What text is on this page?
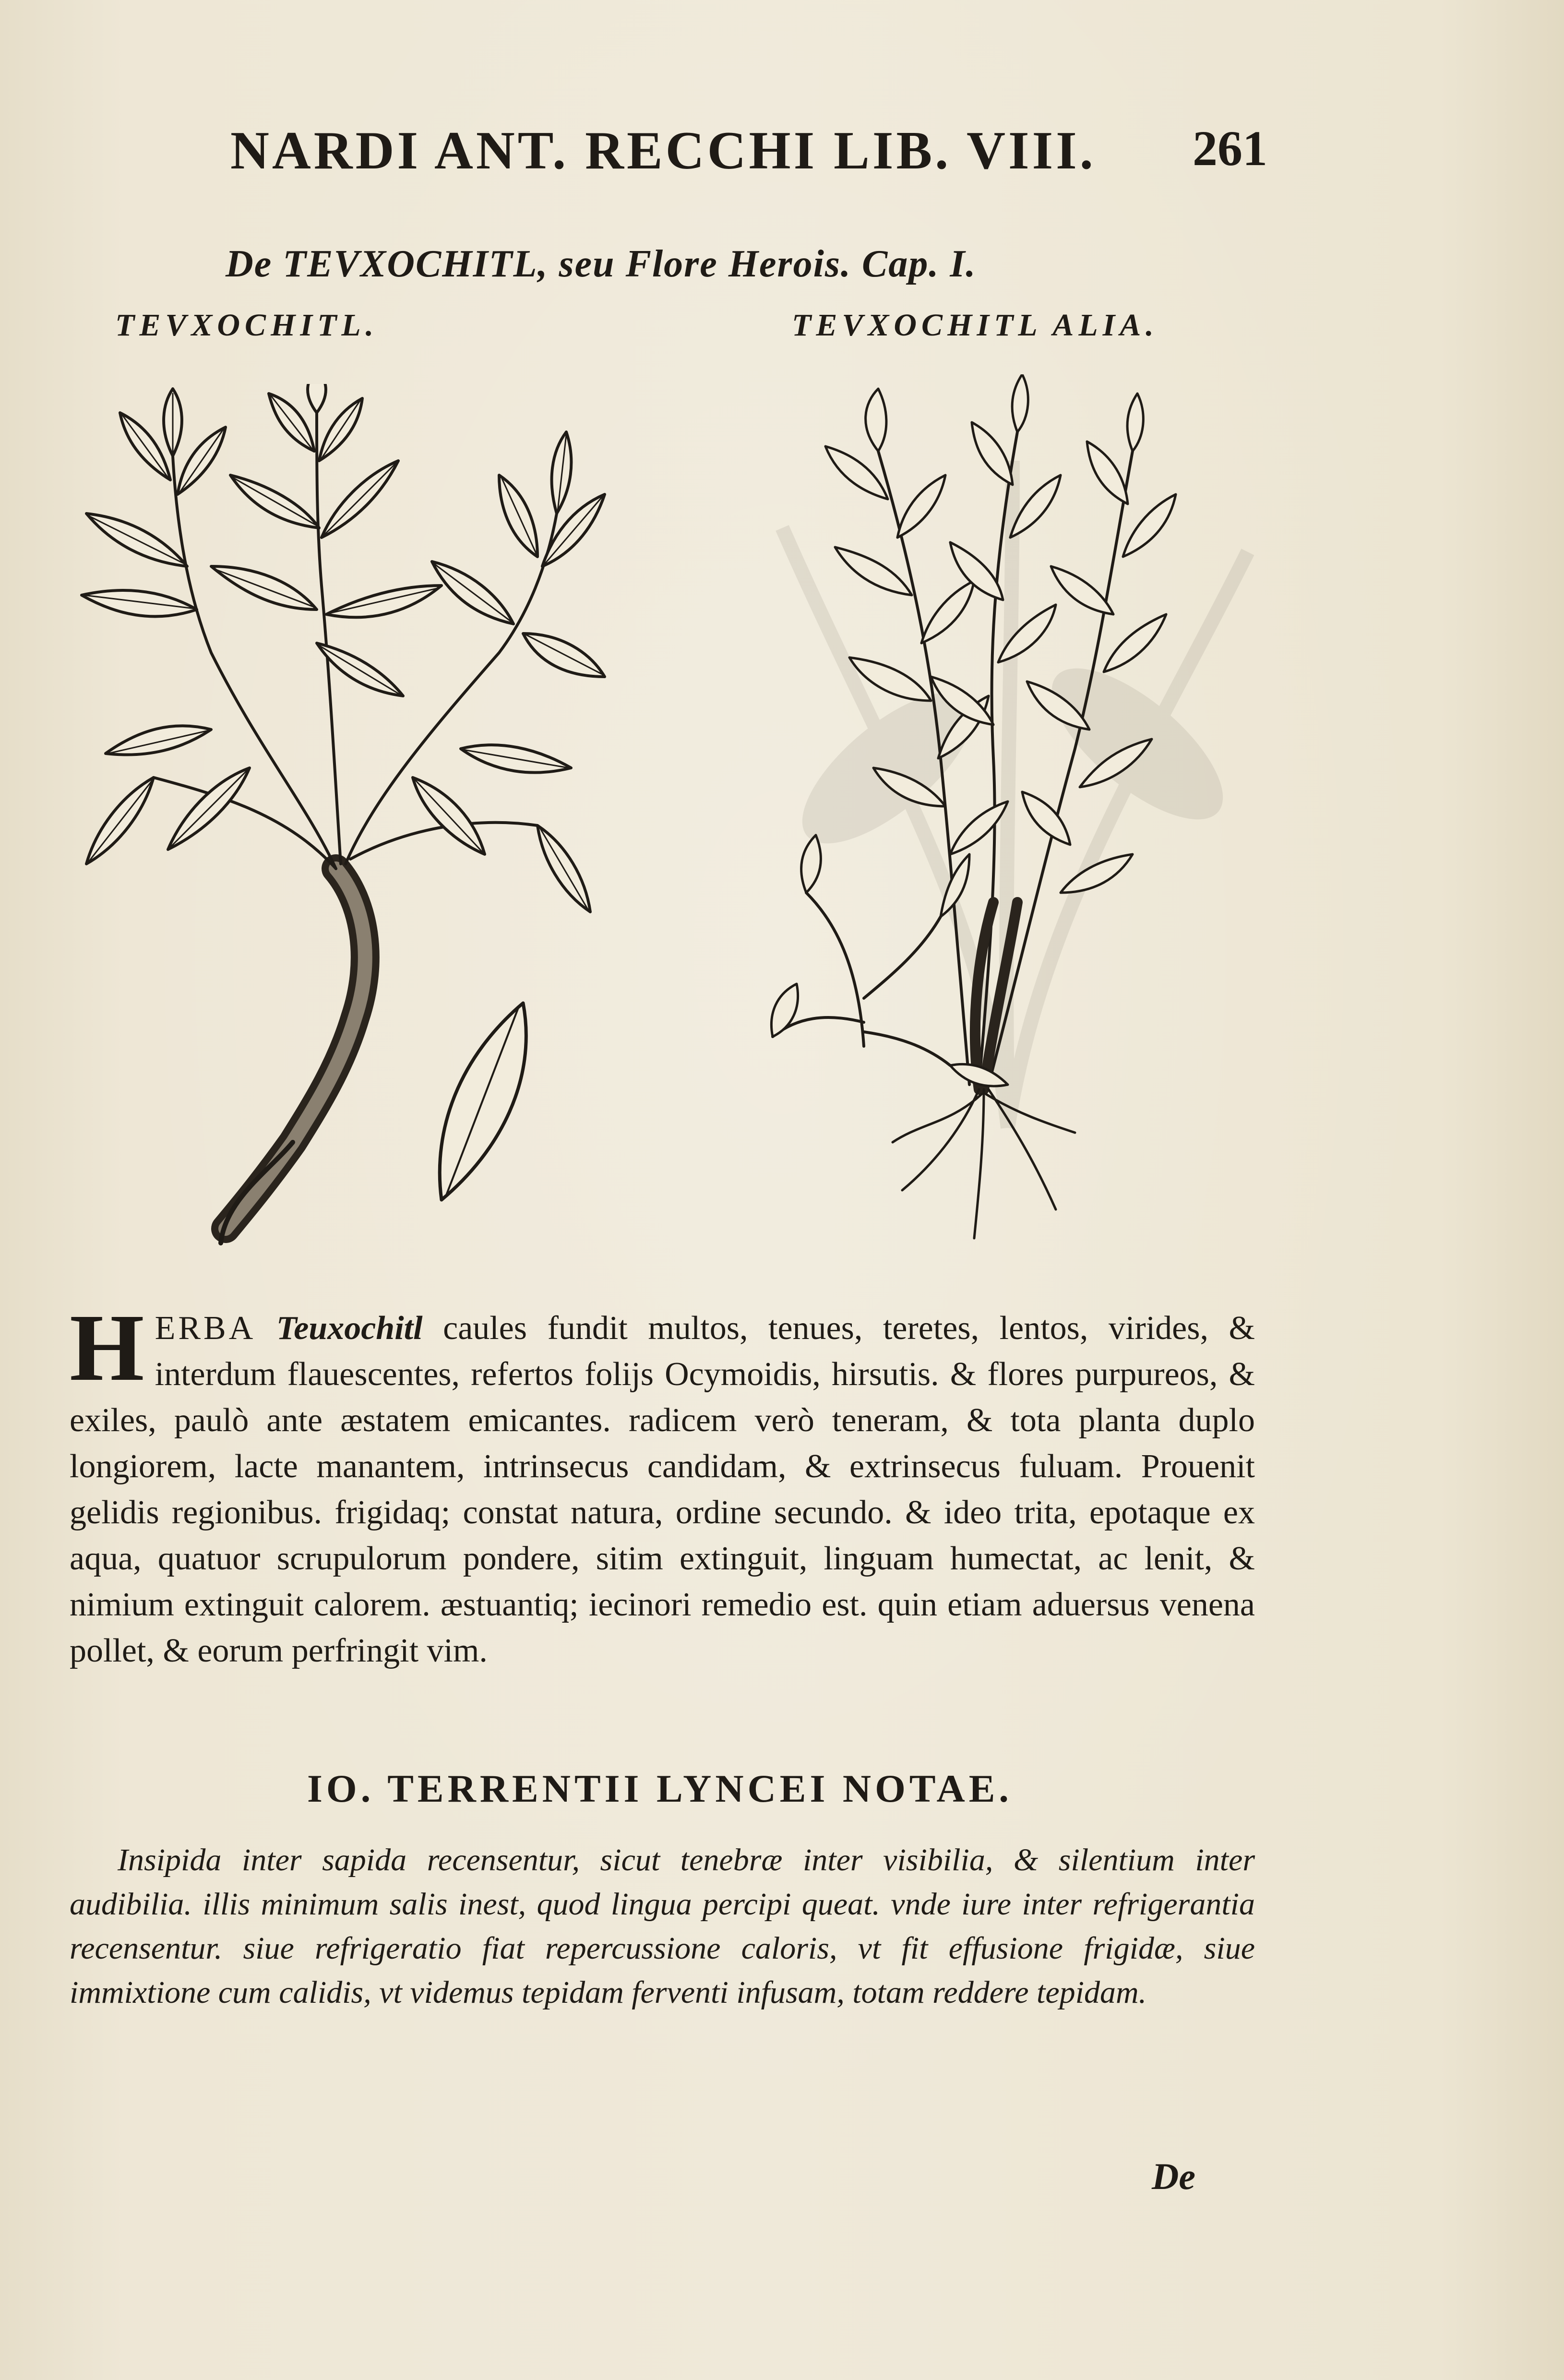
NARDI ANT. RECCHI LIB. VIII.	261
De TEVXOCHITL, seu Flore Herois. Cap. I.
TEVXOCHITL.	TEVXOCHITL ALIA.
HERBA Teuxochitl caules fundit multos, tenues, teretes, lentos, virides, & interdum flauescentes, refertos folijs Ocymoidis, hirsutis. & flores purpureos, & exiles, paulò ante æstatem emicantes. radicem verò teneram, & tota planta duplo longiorem, lacte manantem, intrinsecus candidam, & extrinsecus fuluam. Prouenit gelidis regionibus. frigidaq; constat natura, ordine secundo. & ideo trita, epotaque ex aqua, quatuor scrupulorum pondere, sitim extinguit, linguam humectat, ac lenit, & nimium extinguit calorem. æstuantiq; iecinori remedio est. quin etiam aduersus venena pollet, & eorum perfringit vim.
IO. TERRENTII LYNCEI NOTAE.
Insipida inter sapida recensentur, sicut tenebræ inter visibilia, & silentium inter audibilia. illis minimum salis inest, quod lingua percipi queat. vnde iure inter refrigerantia recensentur. siue refrigeratio fiat repercussione caloris, vt fit effusione frigidæ, siue immixtione cum calidis, vt videmus tepidam ferventi infusam, totam reddere tepidam.
De
